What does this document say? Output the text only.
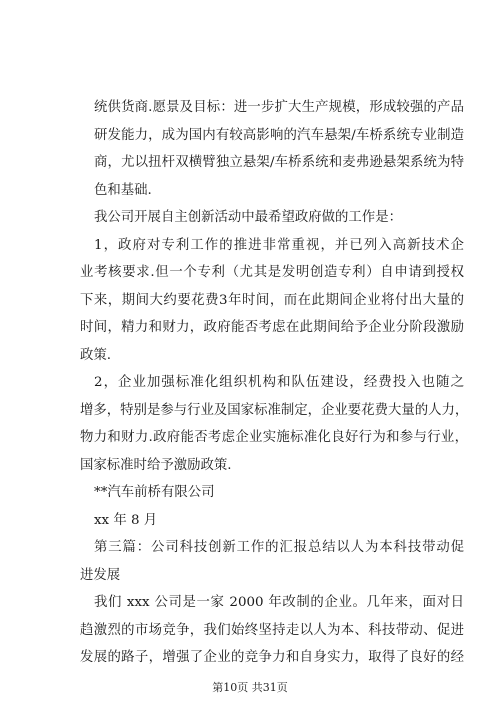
统供货商.愿景及目标：进一步扩大生产规模，形成较强的产品
研发能力，成为国内有较高影响的汽车悬架/车桥系统专业制造
商，尤以扭杆双横臂独立悬架/车桥系统和麦弗逊悬架系统为特
色和基础.
我公司开展自主创新活动中最希望政府做的工作是：
1，政府对专利工作的推进非常重视，并已列入高新技术企
业考核要求.但一个专利（尤其是发明创造专利）自申请到授权
下来，期间大约要花费3年时间，而在此期间企业将付出大量的
时间，精力和财力，政府能否考虑在此期间给予企业分阶段激励
政策.
2，企业加强标准化组织机构和队伍建设，经费投入也随之
增多，特别是参与行业及国家标准制定，企业要花费大量的人力，
物力和财力.政府能否考虑企业实施标准化良好行为和参与行业，
国家标准时给予激励政策.
**汽车前桥有限公司
xx 年 8 月
第三篇：公司科技创新工作的汇报总结以人为本科技带动促
进发展
我们 xxx 公司是一家 2000 年改制的企业。几年来，面对日
趋激烈的市场竞争，我们始终坚持走以人为本、科技带动、促进
发展的路子，增强了企业的竞争力和自身实力，取得了良好的经
第10页 共31页
